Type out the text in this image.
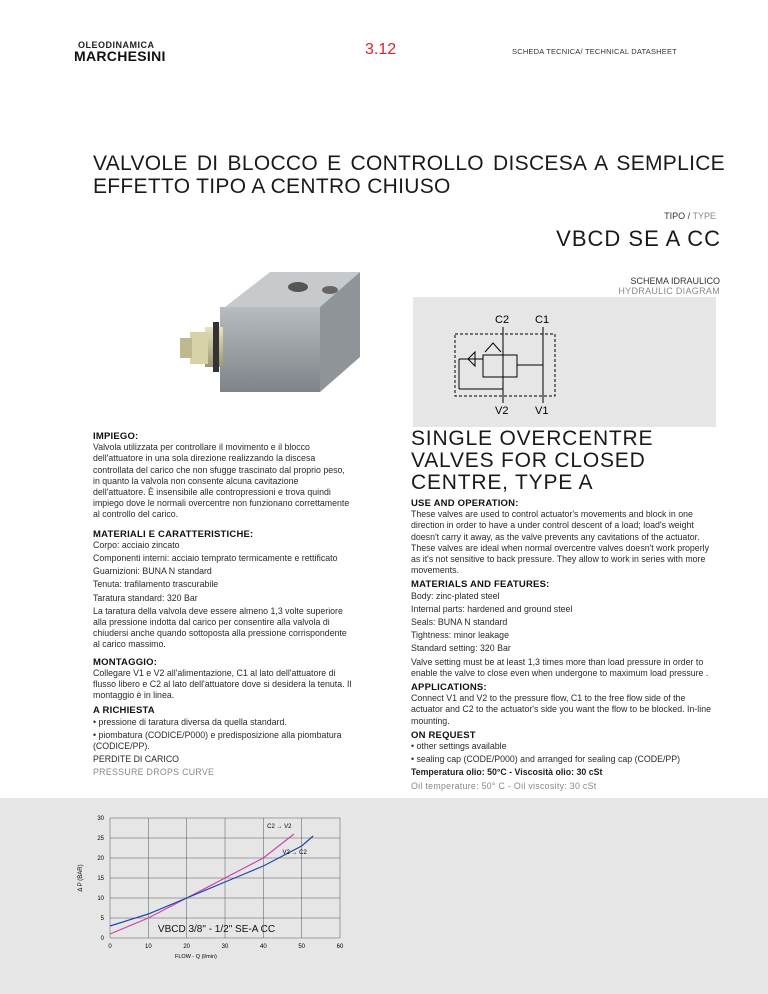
OLEODINAMICA
MARCHESINI	3.12	SCHEDA TECNICA/ TECHNICAL DATASHEET
VALVOLE DI BLOCCO E CONTROLLO DISCESA A SEMPLICE EFFETTO TIPO A CENTRO CHIUSO
TIPO / TYPE
VBCD SE A CC
SCHEMA IDRAULICO
HYDRAULIC DIAGRAM
C2 C1
V2 V1
IMPIEGO:

Valvola utilizzata per controllare il movimento e il blocco dell'attuatore in una sola direzione realizzando la discesa controllata del carico che non sfugge trascinato dal proprio peso, in quanto la valvola non consente alcuna cavitazione dell'attuatore. È insensibile alle contropressioni e trova quindi impiego dove le normali overcentre non funzionano correttamente al controllo del carico.

MATERIALI E CARATTERISTICHE:

Corpo: acciaio zincato

Componenti interni: acciaio temprato termicamente e rettificato

Guarnizioni: BUNA N standard

Tenuta: trafilamento trascurabile

Taratura standard: 320 Bar

La taratura della valvola deve essere almeno 1,3 volte superiore alla pressione indotta dal carico per consentire alla valvola di chiudersi anche quando sottoposta alla pressione corrispondente al carico massimo.

MONTAGGIO:

Collegare V1 e V2 all'alimentazione, C1 al lato dell'attuatore di flusso libero e C2 al lato dell'attuatore dove si desidera la tenuta. Il montaggio è in linea.

A RICHIESTA

• pressione di taratura diversa da quella standard.

• piombatura (CODICE/P000) e predisposizione alla piombatura (CODICE/PP).

PERDITE DI CARICO

PRESSURE DROPS CURVE

SINGLE OVERCENTRE VALVES FOR CLOSED CENTRE, TYPE A
USE AND OPERATION:

These valves are used to control actuator's movements and block in one direction in order to have a under control descent of a load; load's weight doesn't carry it away, as the valve prevents any cavitations of the actuator. These valves are ideal when normal overcentre valves doesn't work properly as it's not sensitive to back pressure. They allow to work in series with more movements.

MATERIALS AND FEATURES:

Body: zinc-plated steel

Internal parts: hardened and ground steel

Seals: BUNA N standard

Tightness: minor leakage

Standard setting: 320 Bar

Valve setting must be at least 1,3 times more than load pressure in order to enable the valve to close even when undergone to maximum load pressure .

APPLICATIONS:

Connect V1 and V2 to the pressure flow, C1 to the free flow side of the actuator and C2 to the actuator's side you want the flow to be blocked. In-line mounting.

ON REQUEST

• other settings available

• sealing cap (CODE/P000) and arranged for sealing cap (CODE/PP)

Temperatura olio: 50°C - Viscosità olio: 30 cSt

Oil temperature: 50° C - Oil viscosity: 30 cSt

0
5
10
15
20
25
30
0	10	20	30	40	50	60
FLOW - Q (l/min)
Δ P (BAR)
C2 → V2
V2 → C2
VBCD 3/8" - 1/2" SE-A CC
